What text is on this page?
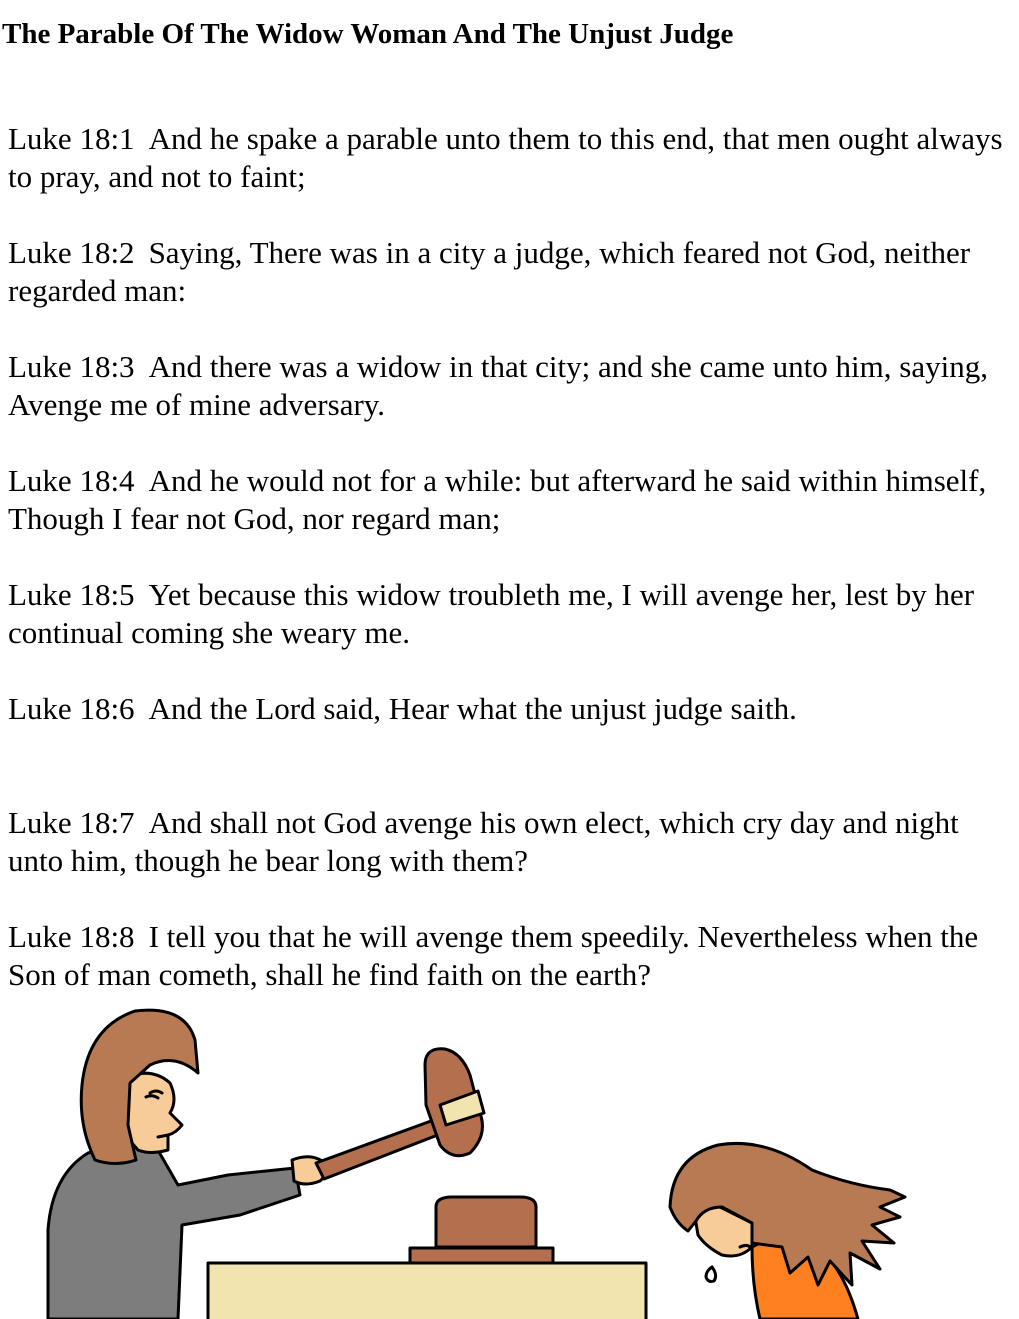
The Parable Of The Widow Woman And The Unjust Judge

Luke 18:1 And he spake a parable unto them to this end, that men ought always to pray, and not to faint;

Luke 18:2 Saying, There was in a city a judge, which feared not God, neither regarded man:

Luke 18:3 And there was a widow in that city; and she came unto him, saying, Avenge me of mine adversary.

Luke 18:4 And he would not for a while: but afterward he said within himself, Though I fear not God, nor regard man;

Luke 18:5 Yet because this widow troubleth me, I will avenge her, lest by her continual coming she weary me.

Luke 18:6 And the Lord said, Hear what the unjust judge saith.

Luke 18:7 And shall not God avenge his own elect, which cry day and night unto him, though he bear long with them?

Luke 18:8 I tell you that he will avenge them speedily. Nevertheless when the Son of man cometh, shall he find faith on the earth?
